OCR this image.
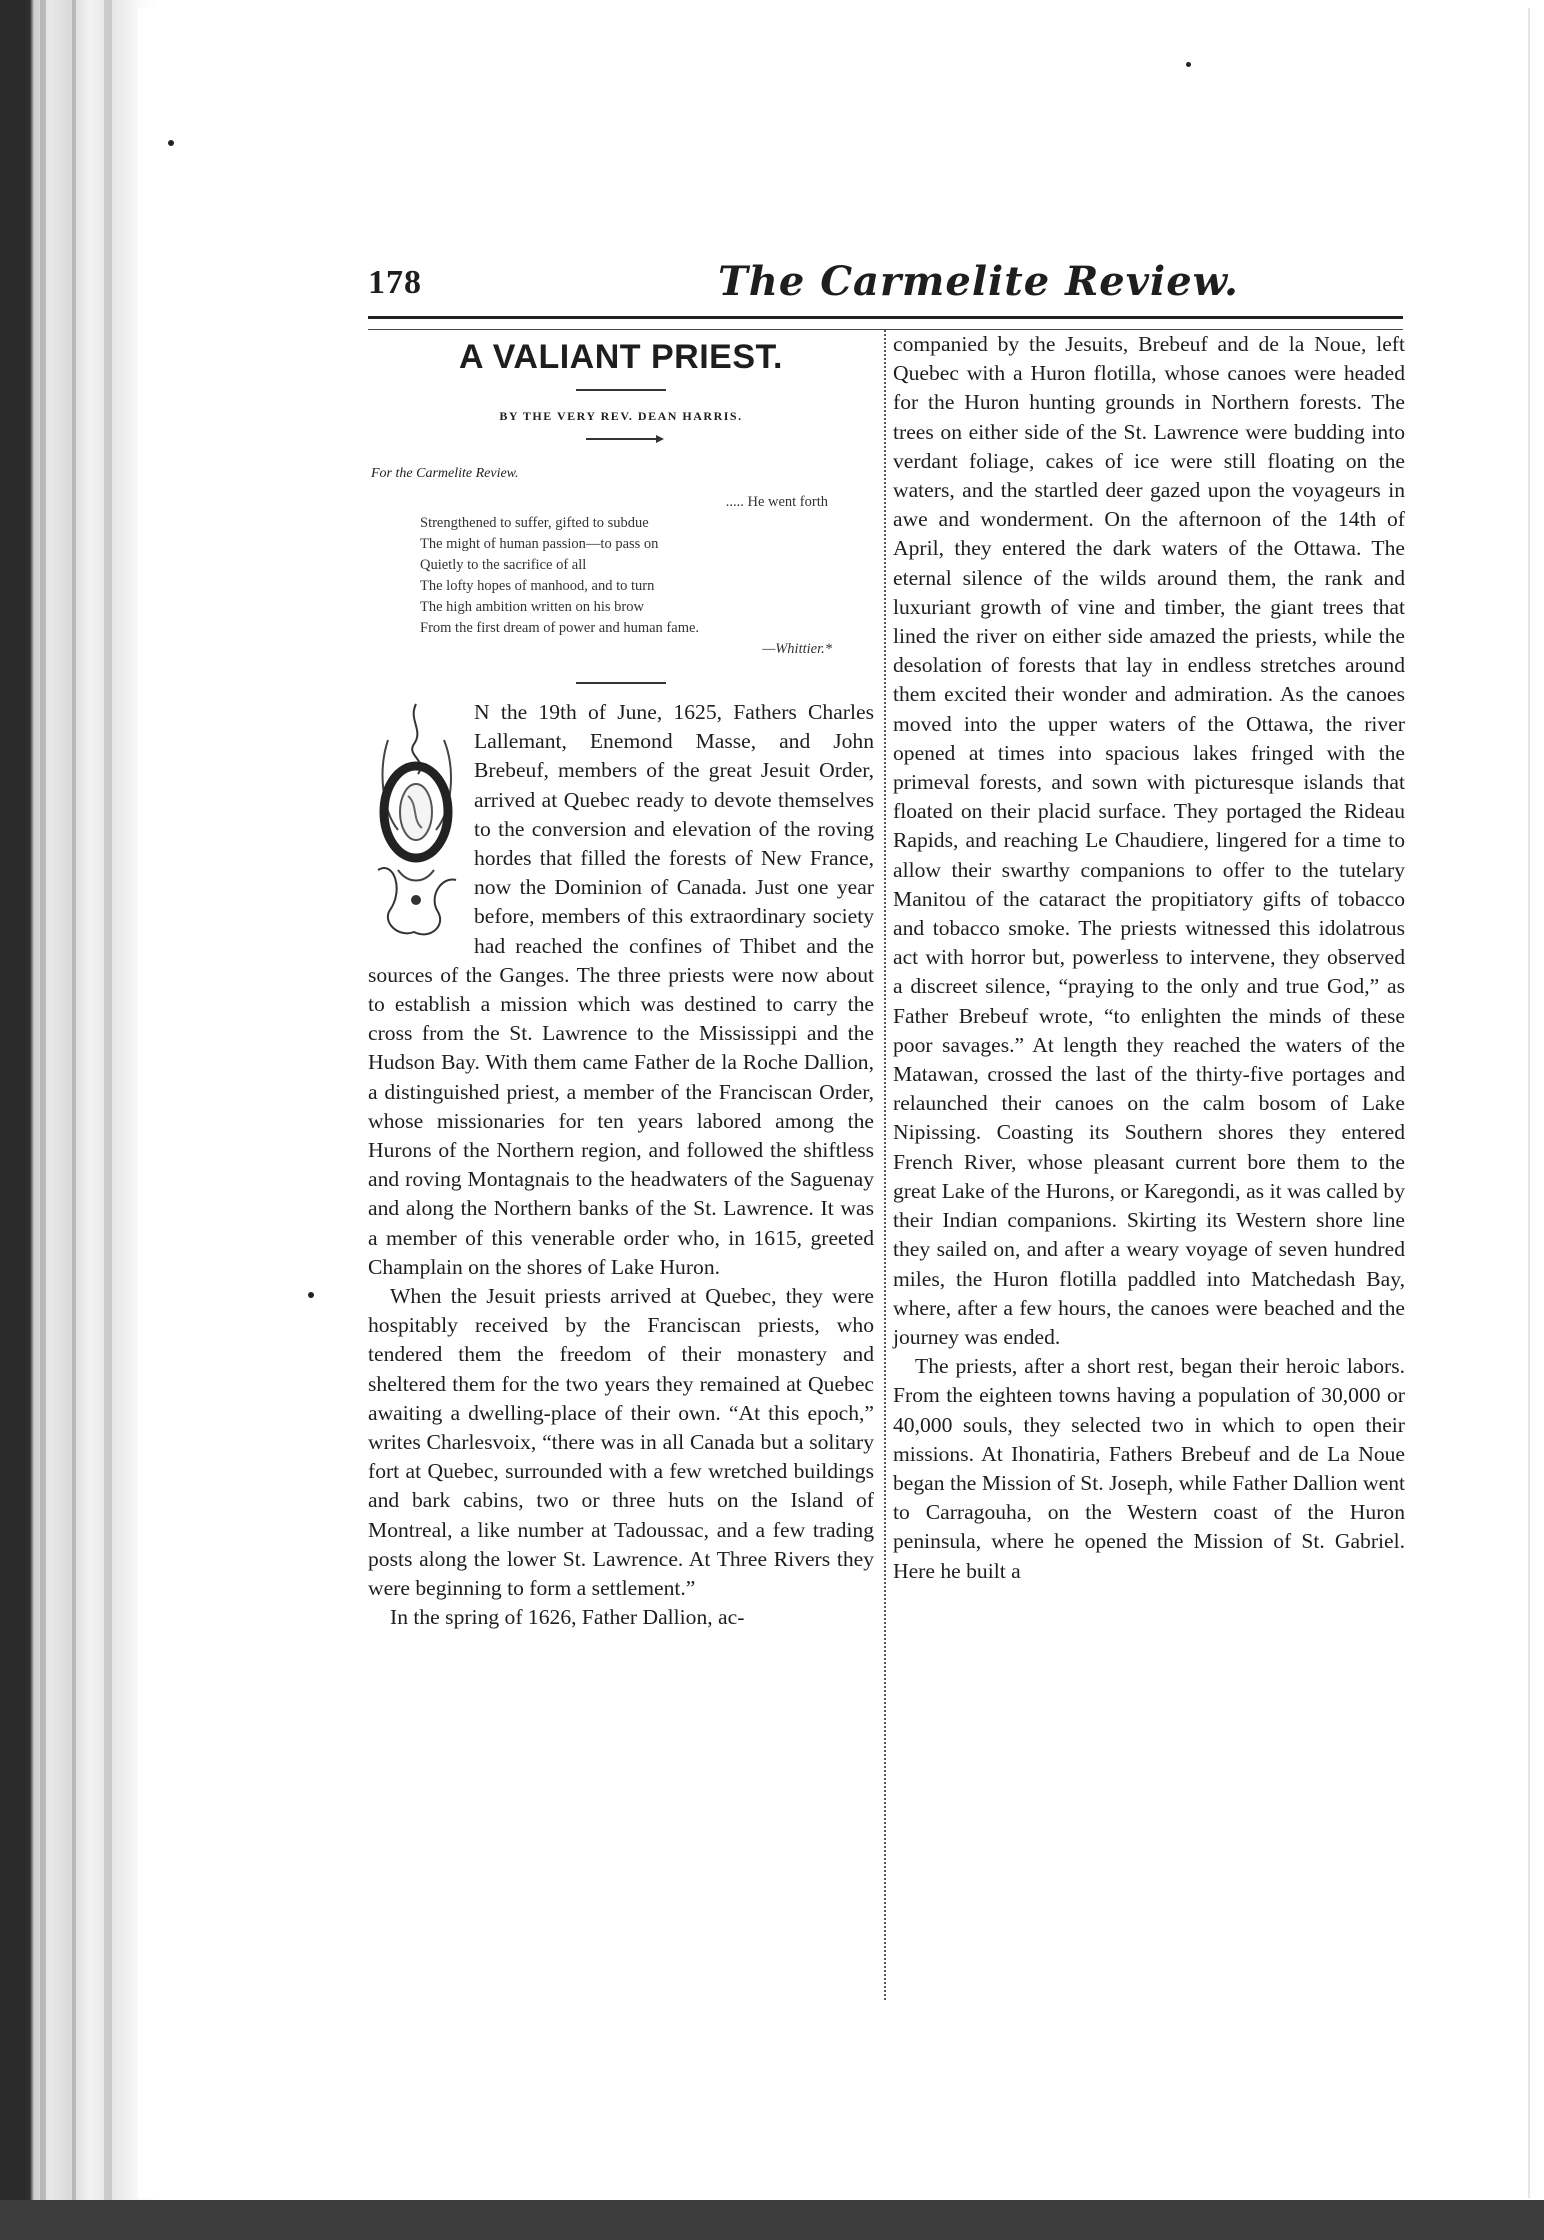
178	The Carmelite Review.
A VALIANT PRIEST.
BY THE VERY REV. DEAN HARRIS.
For the Carmelite Review.
..... He went forth
Strengthened to suffer, gifted to subdue
The might of human passion—to pass on
Quietly to the sacrifice of all
The lofty hopes of manhood, and to turn
The high ambition written on his brow
From the first dream of power and human fame.
—Whittier.*

N the 19th of June, 1625, Fathers Charles Lallemant, Enemond Masse, and John Brebeuf, members of the great Jesuit Order, arrived at Quebec ready to devote themselves to the conversion and elevation of the roving hordes that filled the forests of New France, now the Dominion of Canada. Just one year before, members of this extraordinary society had reached the confines of Thibet and the sources of the Ganges. The three priests were now about to establish a mission which was destined to carry the cross from the St. Lawrence to the Mississippi and the Hudson Bay. With them came Father de la Roche Dallion, a distinguished priest, a member of the Franciscan Order, whose missionaries for ten years labored among the Hurons of the Northern region, and followed the shiftless and roving Montagnais to the headwaters of the Saguenay and along the Northern banks of the St. Lawrence. It was a member of this venerable order who, in 1615, greeted Champlain on the shores of Lake Huron.

When the Jesuit priests arrived at Quebec, they were hospitably received by the Franciscan priests, who tendered them the freedom of their monastery and sheltered them for the two years they remained at Quebec awaiting a dwelling-place of their own. “At this epoch,” writes Charlesvoix, “there was in all Canada but a solitary fort at Quebec, surrounded with a few wretched buildings and bark cabins, two or three huts on the Island of Montreal, a like number at Tadoussac, and a few trading posts along the lower St. Lawrence. At Three Rivers they were beginning to form a settlement.”

In the spring of 1626, Father Dallion, ac-

companied by the Jesuits, Brebeuf and de la Noue, left Quebec with a Huron flotilla, whose canoes were headed for the Huron hunting grounds in Northern forests. The trees on either side of the St. Lawrence were budding into verdant foliage, cakes of ice were still floating on the waters, and the startled deer gazed upon the voyageurs in awe and wonderment. On the afternoon of the 14th of April, they entered the dark waters of the Ottawa. The eternal silence of the wilds around them, the rank and luxuriant growth of vine and timber, the giant trees that lined the river on either side amazed the priests, while the desolation of forests that lay in endless stretches around them excited their wonder and admiration. As the canoes moved into the upper waters of the Ottawa, the river opened at times into spacious lakes fringed with the primeval forests, and sown with picturesque islands that floated on their placid surface. They portaged the Rideau Rapids, and reaching Le Chaudiere, lingered for a time to allow their swarthy companions to offer to the tutelary Manitou of the cataract the propitiatory gifts of tobacco and tobacco smoke. The priests witnessed this idolatrous act with horror but, powerless to intervene, they observed a discreet silence, “praying to the only and true God,” as Father Brebeuf wrote, “to enlighten the minds of these poor savages.” At length they reached the waters of the Matawan, crossed the last of the thirty-five portages and relaunched their canoes on the calm bosom of Lake Nipissing. Coasting its Southern shores they entered French River, whose pleasant current bore them to the great Lake of the Hurons, or Karegondi, as it was called by their Indian companions. Skirting its Western shore line they sailed on, and after a weary voyage of seven hundred miles, the Huron flotilla paddled into Matchedash Bay, where, after a few hours, the canoes were beached and the journey was ended.

The priests, after a short rest, began their heroic labors. From the eighteen towns having a population of 30,000 or 40,000 souls, they selected two in which to open their missions. At Ihonatiria, Fathers Brebeuf and de La Noue began the Mission of St. Joseph, while Father Dallion went to Carragouha, on the Western coast of the Huron peninsula, where he opened the Mission of St. Gabriel. Here he built a
